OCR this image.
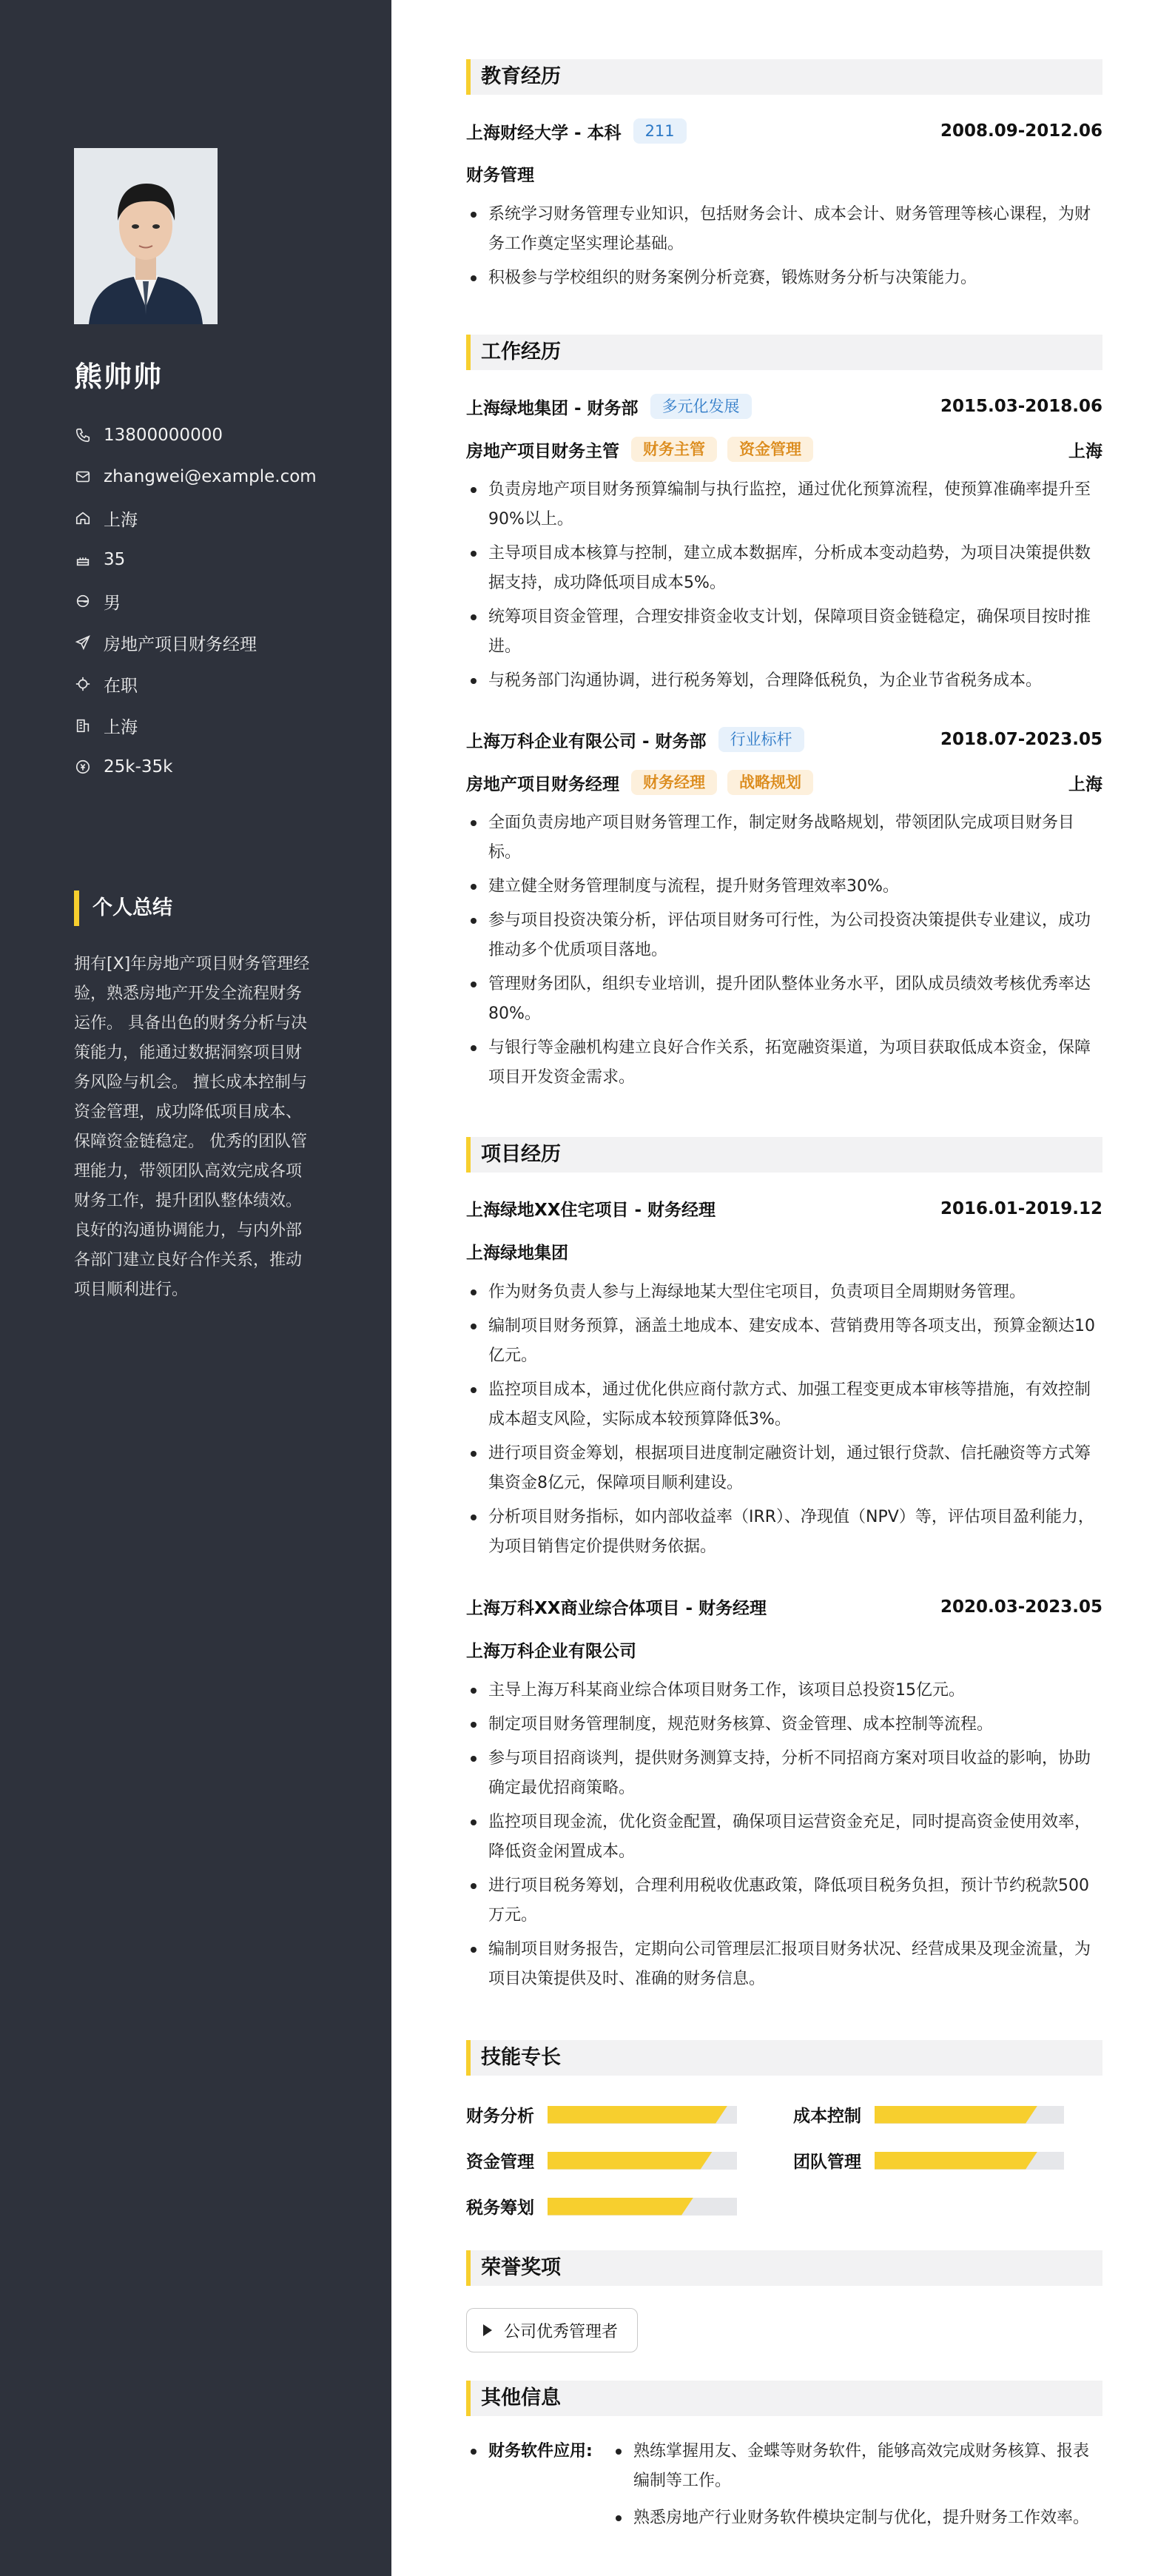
熊帅帅
13800000000
zhangwei@example.com
上海
35
男
房地产项目财务经理
在职
上海
25k-35k
个人总结
拥有[X]年房地产项目财务管理经验，熟悉房地产开发全流程财务运作。 具备出色的财务分析与决策能力，能通过数据洞察项目财务风险与机会。 擅长成本控制与资金管理，成功降低项目成本、保障资金链稳定。 优秀的团队管理能力，带领团队高效完成各项财务工作，提升团队整体绩效。 良好的沟通协调能力，与内外部各部门建立良好合作关系，推动项目顺利进行。
教育经历
上海财经大学 - 本科	211	2008.09-2012.06
财务管理
系统学习财务管理专业知识，包括财务会计、成本会计、财务管理等核心课程，为财务工作奠定坚实理论基础。
积极参与学校组织的财务案例分析竞赛，锻炼财务分析与决策能力。
工作经历
上海绿地集团 - 财务部	多元化发展	2015.03-2018.06
房地产项目财务主管	财务主管	资金管理	上海
负责房地产项目财务预算编制与执行监控，通过优化预算流程，使预算准确率提升至90%以上。
主导项目成本核算与控制，建立成本数据库，分析成本变动趋势，为项目决策提供数据支持，成功降低项目成本5%。
统筹项目资金管理，合理安排资金收支计划，保障项目资金链稳定，确保项目按时推进。
与税务部门沟通协调，进行税务筹划，合理降低税负，为企业节省税务成本。
上海万科企业有限公司 - 财务部	行业标杆	2018.07-2023.05
房地产项目财务经理	财务经理	战略规划	上海
全面负责房地产项目财务管理工作，制定财务战略规划，带领团队完成项目财务目标。
建立健全财务管理制度与流程，提升财务管理效率30%。
参与项目投资决策分析，评估项目财务可行性，为公司投资决策提供专业建议，成功推动多个优质项目落地。
管理财务团队，组织专业培训，提升团队整体业务水平，团队成员绩效考核优秀率达80%。
与银行等金融机构建立良好合作关系，拓宽融资渠道，为项目获取低成本资金，保障项目开发资金需求。
项目经历
上海绿地XX住宅项目 - 财务经理	2016.01-2019.12
上海绿地集团
作为财务负责人参与上海绿地某大型住宅项目，负责项目全周期财务管理。
编制项目财务预算，涵盖土地成本、建安成本、营销费用等各项支出，预算金额达10亿元。
监控项目成本，通过优化供应商付款方式、加强工程变更成本审核等措施，有效控制成本超支风险，实际成本较预算降低3%。
进行项目资金筹划，根据项目进度制定融资计划，通过银行贷款、信托融资等方式筹集资金8亿元，保障项目顺利建设。
分析项目财务指标，如内部收益率（IRR）、净现值（NPV）等，评估项目盈利能力，为项目销售定价提供财务依据。
上海万科XX商业综合体项目 - 财务经理	2020.03-2023.05
上海万科企业有限公司
主导上海万科某商业综合体项目财务工作，该项目总投资15亿元。
制定项目财务管理制度，规范财务核算、资金管理、成本控制等流程。
参与项目招商谈判，提供财务测算支持，分析不同招商方案对项目收益的影响，协助确定最优招商策略。
监控项目现金流，优化资金配置，确保项目运营资金充足，同时提高资金使用效率，降低资金闲置成本。
进行项目税务筹划，合理利用税收优惠政策，降低项目税务负担，预计节约税款500万元。
编制项目财务报告，定期向公司管理层汇报项目财务状况、经营成果及现金流量，为项目决策提供及时、准确的财务信息。
技能专长
财务分析	成本控制
资金管理	团队管理
税务筹划
荣誉奖项
公司优秀管理者
其他信息
财务软件应用:	熟练掌握用友、金蝶等财务软件，能够高效完成财务核算、报表编制等工作。
熟悉房地产行业财务软件模块定制与优化，提升财务工作效率。
